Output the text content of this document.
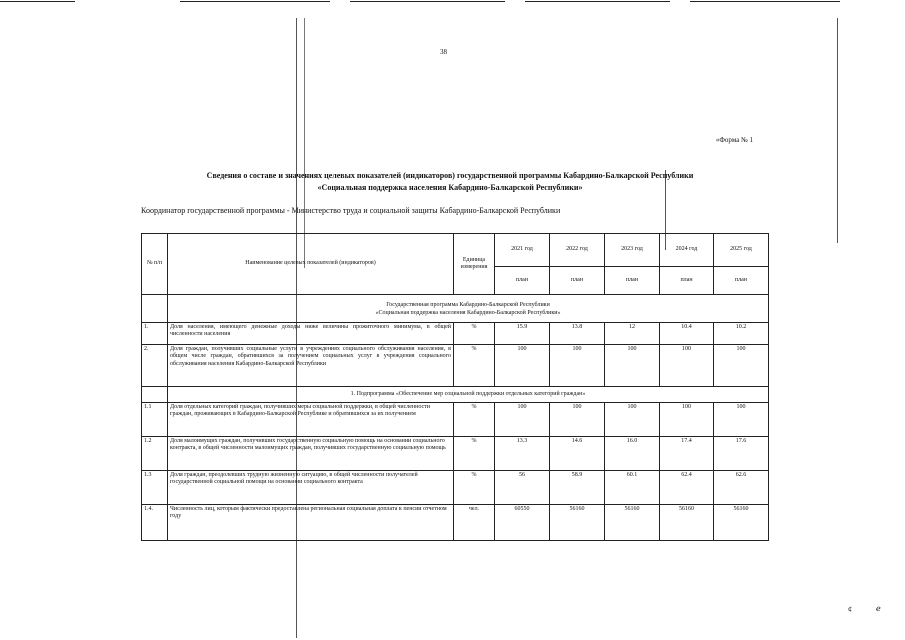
38
«Форма № 1
Сведения о составе и значениях целевых показателей (индикаторов) государственной программы Кабардино-Балкарской Республики
«Социальная поддержка населения Кабардино-Балкарской Республики»
Координатор государственной программы - Министерство труда и социальной защиты Кабардино-Балкарской Республики
№ п/п	Наименование целевых показателей (индикаторов)	Единица измерения	2021 год	2022 год	2023 год	2024 год	2025 год
			план	план	план	план	план

	Государственная программа Кабардино-Балкарской Республики
«Социальная поддержка населения Кабардино-Балкарской Республики»						

1.	Доля населения, имеющего денежные доходы ниже величины прожиточного минимума, в общей численности населения	%	15.9	13.8	12	10.4	10.2
2.	Доля граждан, получивших социальные услуги в учреждениях социального обслуживания населения, в общем числе граждан, обратившихся за получением социальных услуг в учреждения социального обслуживания населения Кабардино-Балкарской Республики	%	100	100	100	100	100
	1. Подпрограмма «Обеспечение мер социальной поддержки отдельных категорий граждан»						
1.1	Доля отдельных категорий граждан, получивших меры социальной поддержки, в общей численности граждан, проживающих в Кабардино-Балкарской Республике и обратившихся за их получением	%	100	100	100	100	100
1.2	Доля малоимущих граждан, получивших государственную социальную помощь на основании социального контракта, в общей численности малоимущих граждан, получивших государственную социальную помощь	%	13.3	14.6	16.0	17.4	17.6
1.3	Доля граждан, преодолевших трудную жизненную ситуацию, в общей численности получателей государственной социальной помощи на основании социального контракта	%	56	58.9	60.1	62.4	62.6
1.4.	Численность лиц, которым фактически предоставлена региональная социальная доплата к пенсии отчетном году	чел.	60550	56160	56160	56160	56160
¢	ℯ
